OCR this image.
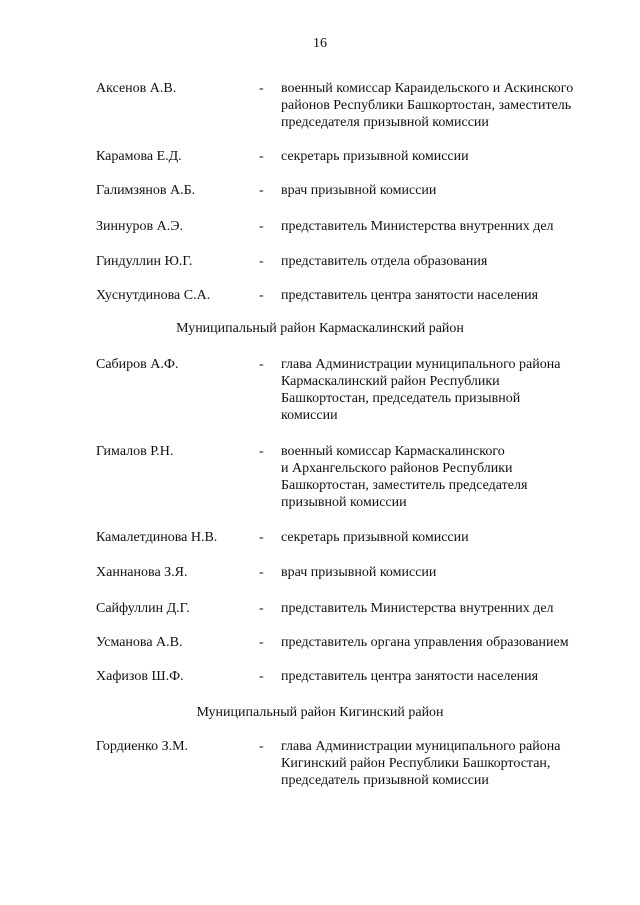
16
Аксенов А.В.	- военный комиссар Караидельского и Аскинского
районов Республики Башкортостан, заместитель
председателя призывной комиссии
Карамова Е.Д.	- секретарь призывной комиссии
Галимзянов А.Б.	- врач призывной комиссии
Зиннуров А.Э.	- представитель Министерства внутренних дел
Гиндуллин Ю.Г.	- представитель отдела образования
Хуснутдинова С.А.	- представитель центра занятости населения
Муниципальный район Кармаскалинский район
Сабиров А.Ф.	- глава Администрации муниципального района
Кармаскалинский район Республики
Башкортостан, председатель призывной
комиссии
Гималов Р.Н.	- военный комиссар Кармаскалинского
и Архангельского районов Республики
Башкортостан, заместитель председателя
призывной комиссии
Камалетдинова Н.В.	- секретарь призывной комиссии
Ханнанова З.Я.	- врач призывной комиссии
Сайфуллин Д.Г.	- представитель Министерства внутренних дел
Усманова А.В.	- представитель органа управления образованием
Хафизов Ш.Ф.	- представитель центра занятости населения
Муниципальный район Кигинский район
Гордиенко З.М.	- глава Администрации муниципального района
Кигинский район Республики Башкортостан,
председатель призывной комиссии
